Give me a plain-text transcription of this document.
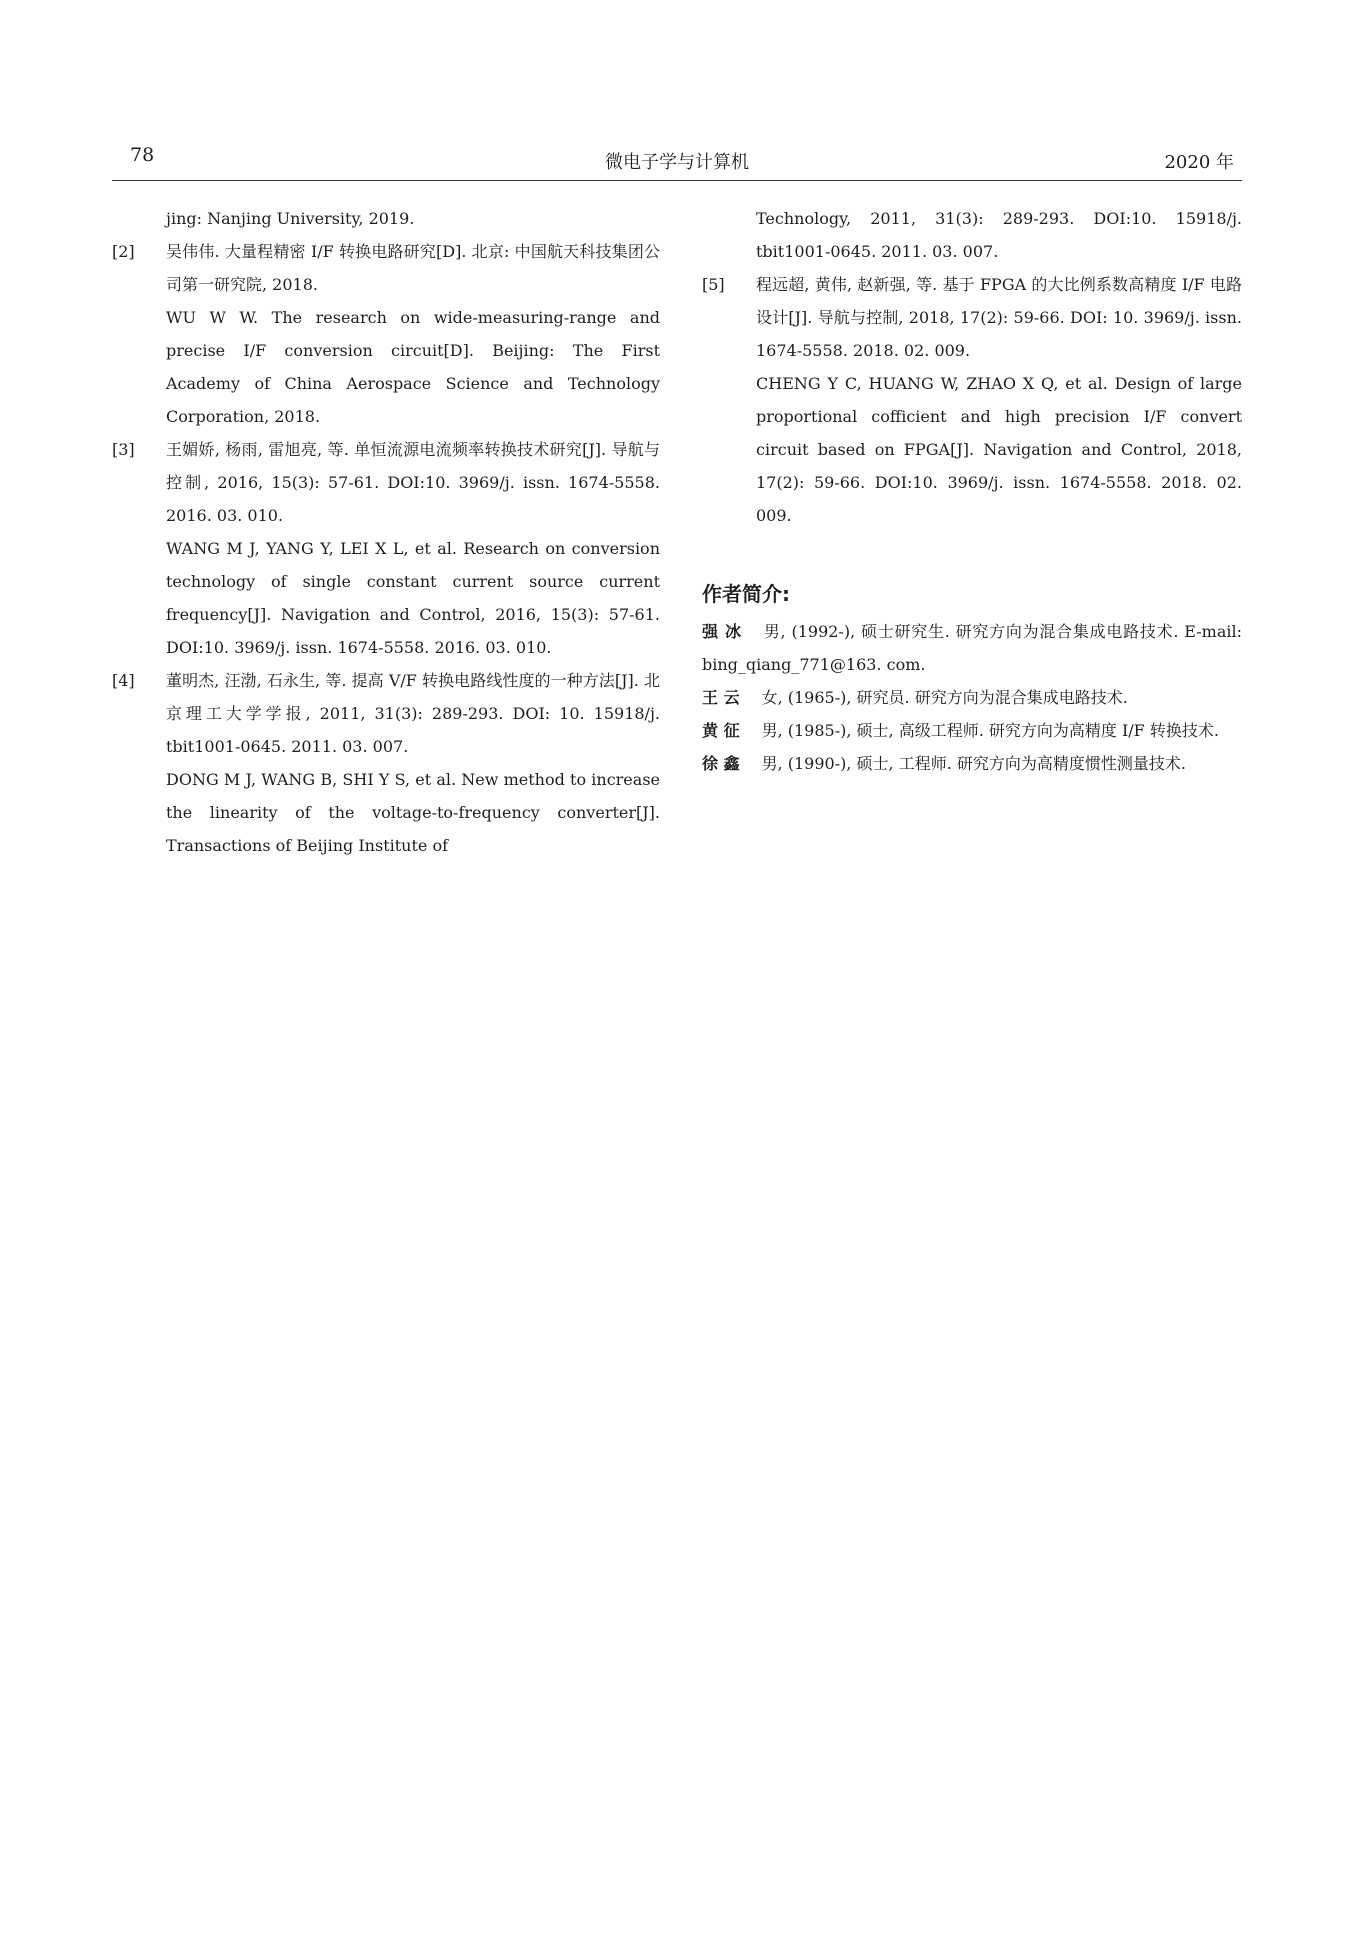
78	微电子学与计算机	2020 年

jing: Nanjing University, 2019.

[2] 吴伟伟. 大量程精密 I/F 转换电路研究[D]. 北京: 中国航天科技集团公司第一研究院, 2018.

WU W W. The research on wide-measuring-range and precise I/F conversion circuit[D]. Beijing: The First Academy of China Aerospace Science and Technology Corporation, 2018.

[3] 王媚娇, 杨雨, 雷旭亮, 等. 单恒流源电流频率转换技术研究[J]. 导航与控制, 2016, 15(3): 57-61. DOI:10. 3969/j. issn. 1674-5558. 2016. 03. 010.

WANG M J, YANG Y, LEI X L, et al. Research on conversion technology of single constant current source current frequency[J]. Navigation and Control, 2016, 15(3): 57-61. DOI:10. 3969/j. issn. 1674-5558. 2016. 03. 010.

[4] 董明杰, 汪渤, 石永生, 等. 提高 V/F 转换电路线性度的一种方法[J]. 北京理工大学学报, 2011, 31(3): 289-293. DOI: 10. 15918/j. tbit1001-0645. 2011. 03. 007.

DONG M J, WANG B, SHI Y S, et al. New method to increase the linearity of the voltage-to-frequency converter[J]. Transactions of Beijing Institute of

Technology, 2011, 31(3): 289-293. DOI:10. 15918/j. tbit1001-0645. 2011. 03. 007.

[5] 程远超, 黄伟, 赵新强, 等. 基于 FPGA 的大比例系数高精度 I/F 电路设计[J]. 导航与控制, 2018, 17(2): 59-66. DOI: 10. 3969/j. issn. 1674-5558. 2018. 02. 009.

CHENG Y C, HUANG W, ZHAO X Q, et al. Design of large proportional cofficient and high precision I/F convert circuit based on FPGA[J]. Navigation and Control, 2018, 17(2): 59-66. DOI:10. 3969/j. issn. 1674-5558. 2018. 02. 009.

作者简介:
强 冰 男, (1992-), 硕士研究生. 研究方向为混合集成电路技术. E-mail: bing_qiang_771@163. com.
王 云 女, (1965-), 研究员. 研究方向为混合集成电路技术.
黄 征 男, (1985-), 硕士, 高级工程师. 研究方向为高精度 I/F 转换技术.
徐 鑫 男, (1990-), 硕士, 工程师. 研究方向为高精度惯性测量技术.
